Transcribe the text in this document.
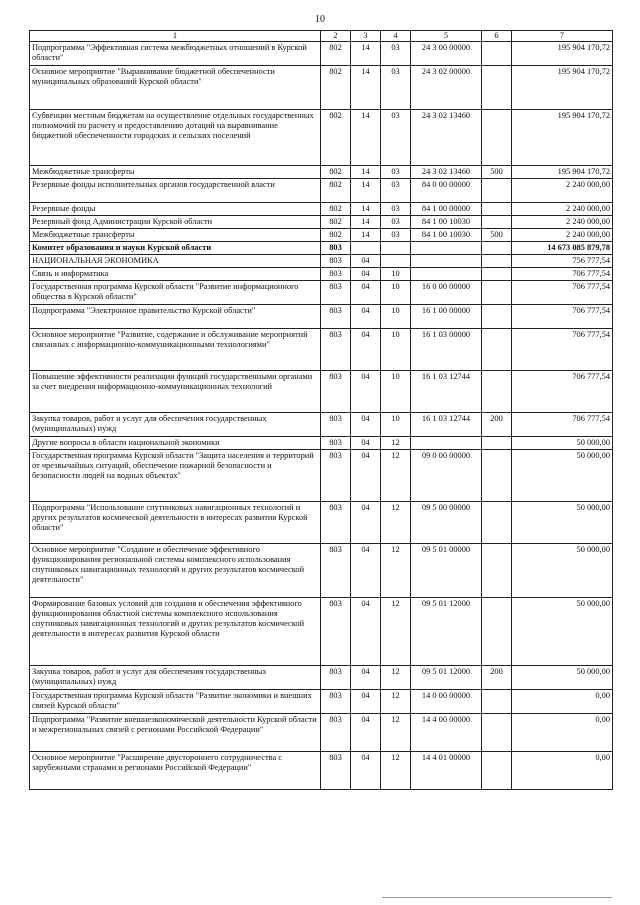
10
1	2	3	4	5	6	7
Подпрограмма "Эффективная система межбюджетных отношений в Курской области"	802	14	03	24 3 00 00000		195 904 170,72
Основное мероприятие "Выравнивание бюджетной обеспеченности муниципальных образований Курской области"	802	14	03	24 3 02 00000		195 904 170,72
Субвенции местным бюджетам на осуществление отдельных государственных полномочий по расчету и предоставлению дотаций на выравнивание бюджетной обеспеченности городских и сельских поселений	802	14	03	24 3 02 13460		195 904 170,72
Межбюджетные трансферты	802	14	03	24 3 02 13460	500	195 904 170,72
Резервные фонды исполнительных органов государственной власти	802	14	03	84 0 00 00000		2 240 000,00
Резервные фонды	802	14	03	84 1 00 00000		2 240 000,00
Резервный фонд Администрации Курской области	802	14	03	84 1 00 10030		2 240 000,00
Межбюджетные трансферты	802	14	03	84 1 00 10030	500	2 240 000,00
Комитет образования и науки Курской области	803					14 673 085 879,78
НАЦИОНАЛЬНАЯ ЭКОНОМИКА	803	04				756 777,54
Связь и информатика	803	04	10			706 777,54
Государственная программа Курской области "Развитие информационного общества в Курской области"	803	04	10	16 0 00 00000		706 777,54
Подпрограмма "Электронное правительство Курской области"	803	04	10	16 1 00 00000		706 777,54
Основное мероприятие "Развитие, содержание и обслуживание мероприятий связанных с информационно-коммуникационными технологиями"	803	04	10	16 1 03 00000		706 777,54
Повышение эффективности реализации функций государственными органами за счет внедрения информационно-коммуникационных технологий	803	04	10	16 1 03 12744		706 777,54
Закупка товаров, работ и услуг для обеспечения государственных (муниципальных) нужд	803	04	10	16 1 03 12744	200	706 777,54
Другие вопросы в области национальной экономики	803	04	12			50 000,00
Государственная программа Курской области "Защита населения и территорий от чрезвычайных ситуаций, обеспечение пожарной безопасности и безопасности людей на водных объектах"	803	04	12	09 0 00 00000		50 000,00
Подпрограмма "Использование спутниковых навигационных технологий и других результатов космической деятельности в интересах развития Курской области"	803	04	12	09 5 00 00000		50 000,00
Основное мероприятие "Создание и обеспечение эффективного функционирования региональной системы комплексного использования спутниковых навигационных технологий и других результатов космической деятельности"	803	04	12	09 5 01 00000		50 000,00
Формирование базовых условий для создания и обеспечения эффективного функционирования областной системы комплексного использования спутниковых навигационных технологий и других результатов космической деятельности в интересах развития Курской области	803	04	12	09 5 01 12000		50 000,00
Закупка товаров, работ и услуг для обеспечения государственных (муниципальных) нужд	803	04	12	09 5 01 12000	200	50 000,00
Государственная программа Курской области "Развитие экономики и внешних связей Курской области"	803	04	12	14 0 00 00000		0,00
Подпрограмма "Развитие внешнеэкономической деятельности Курской области и межрегиональных связей с регионами Российской Федерации"	803	04	12	14 4 00 00000		0,00
Основное мероприятие "Расширение двустороннего сотрудничества с зарубежными странами и регионами Российской Федерации"	803	04	12	14 4 01 00000		0,00
